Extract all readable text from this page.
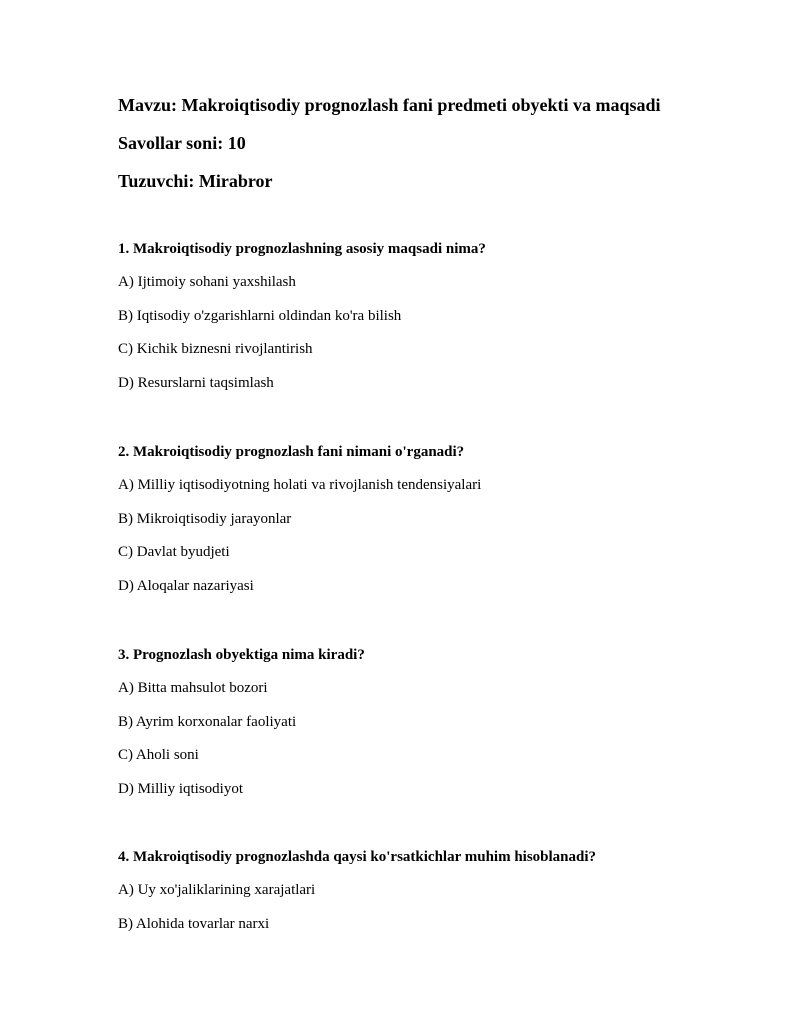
Mavzu: Makroiqtisodiy prognozlash fani predmeti obyekti va maqsadi
Savollar soni: 10
Tuzuvchi: Mirabror
1. Makroiqtisodiy prognozlashning asosiy maqsadi nima?
A) Ijtimoiy sohani yaxshilash
B) Iqtisodiy o'zgarishlarni oldindan ko'ra bilish
C) Kichik biznesni rivojlantirish
D) Resurslarni taqsimlash
2. Makroiqtisodiy prognozlash fani nimani o'rganadi?
A) Milliy iqtisodiyotning holati va rivojlanish tendensiyalari
B) Mikroiqtisodiy jarayonlar
C) Davlat byudjeti
D) Aloqalar nazariyasi
3. Prognozlash obyektiga nima kiradi?
A) Bitta mahsulot bozori
B) Ayrim korxonalar faoliyati
C) Aholi soni
D) Milliy iqtisodiyot
4. Makroiqtisodiy prognozlashda qaysi ko'rsatkichlar muhim hisoblanadi?
A) Uy xo'jaliklarining xarajatlari
B) Alohida tovarlar narxi
